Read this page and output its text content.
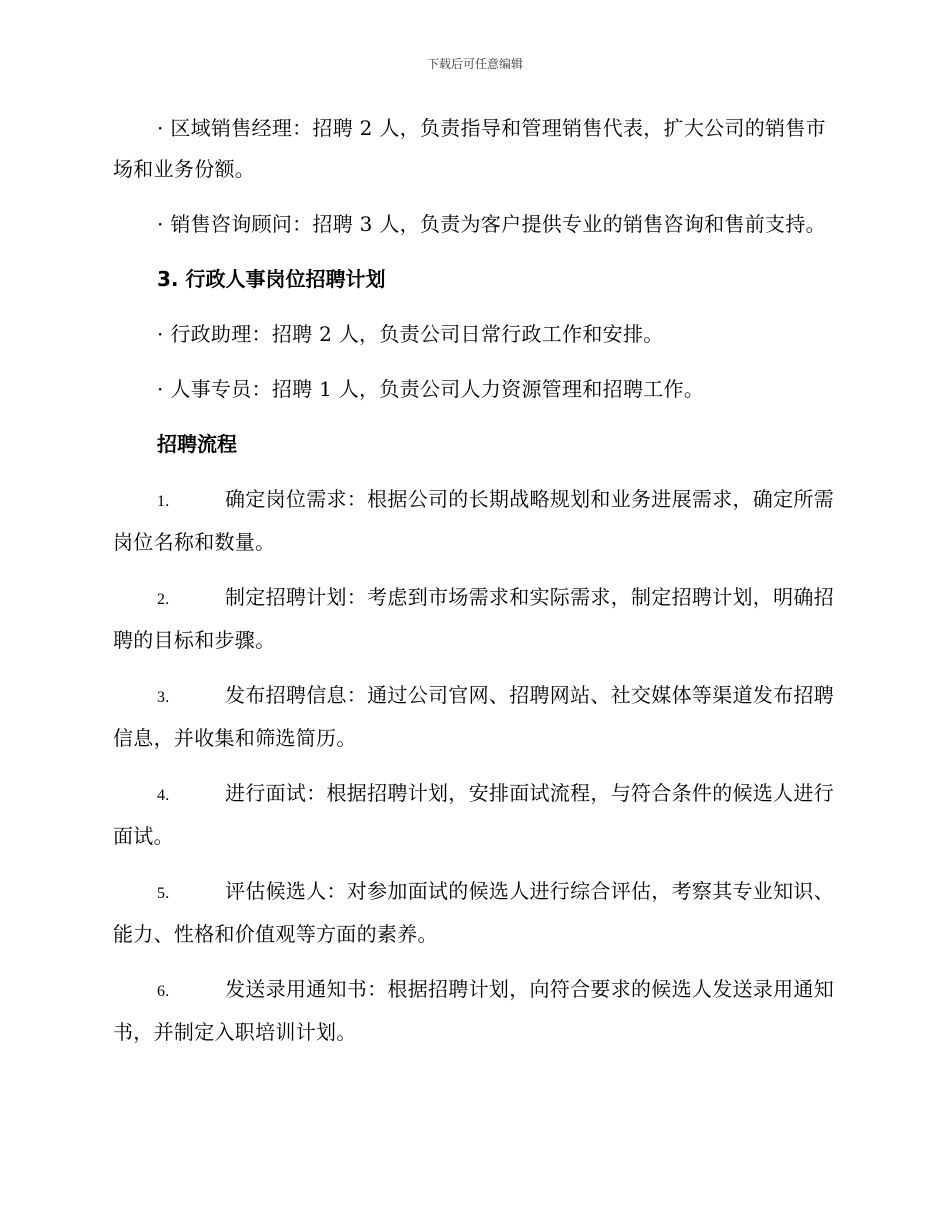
下载后可任意编辑

· 区域销售经理：招聘 2 人，负责指导和管理销售代表，扩大公司的销售市场和业务份额。

· 销售咨询顾问：招聘 3 人，负责为客户提供专业的销售咨询和售前支持。

3. 行政人事岗位招聘计划

· 行政助理：招聘 2 人，负责公司日常行政工作和安排。

· 人事专员：招聘 1 人，负责公司人力资源管理和招聘工作。

招聘流程

1.	确定岗位需求：根据公司的长期战略规划和业务进展需求，确定所需岗位名称和数量。

2.	制定招聘计划：考虑到市场需求和实际需求，制定招聘计划，明确招聘的目标和步骤。

3.	发布招聘信息：通过公司官网、招聘网站、社交媒体等渠道发布招聘信息，并收集和筛选简历。

4.	进行面试：根据招聘计划，安排面试流程，与符合条件的候选人进行面试。

5.	评估候选人：对参加面试的候选人进行综合评估，考察其专业知识、能力、性格和价值观等方面的素养。

6.	发送录用通知书：根据招聘计划，向符合要求的候选人发送录用通知书，并制定入职培训计划。
